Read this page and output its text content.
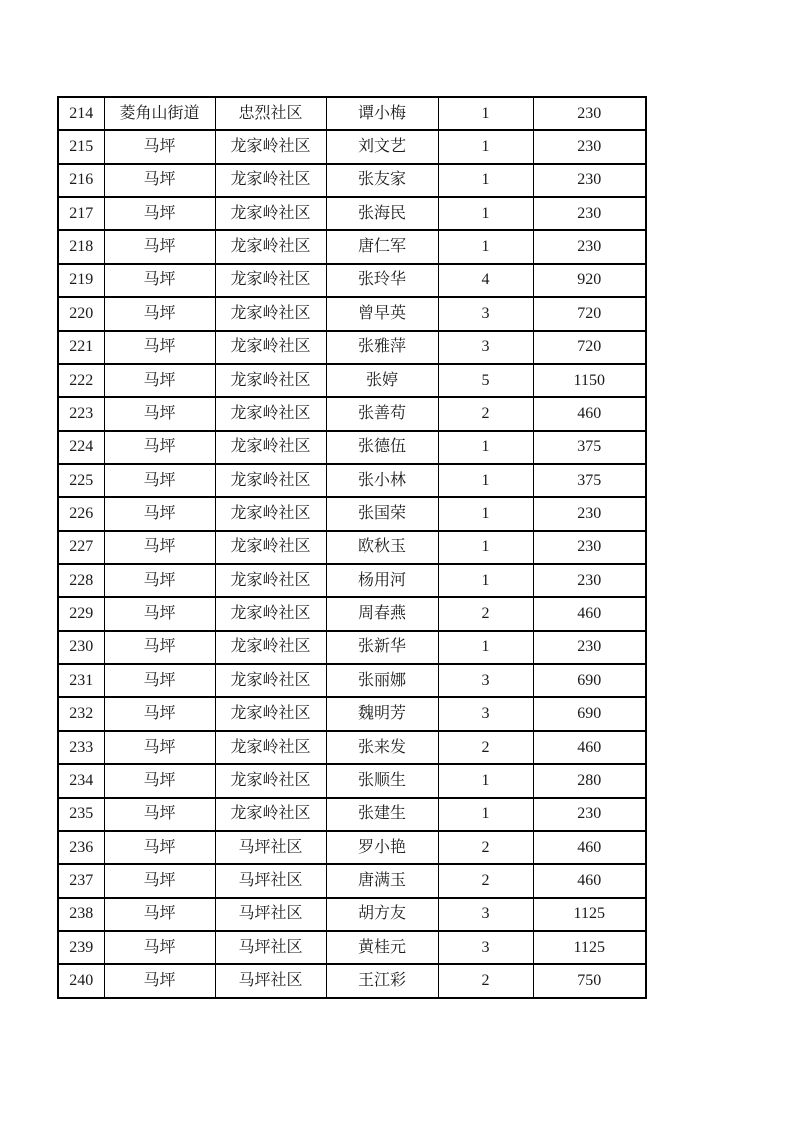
214	菱角山街道	忠烈社区	谭小梅	1	230
215	马坪	龙家岭社区	刘文艺	1	230
216	马坪	龙家岭社区	张友家	1	230
217	马坪	龙家岭社区	张海民	1	230
218	马坪	龙家岭社区	唐仁军	1	230
219	马坪	龙家岭社区	张玲华	4	920
220	马坪	龙家岭社区	曾早英	3	720
221	马坪	龙家岭社区	张雅萍	3	720
222	马坪	龙家岭社区	张婷	5	1150
223	马坪	龙家岭社区	张善苟	2	460
224	马坪	龙家岭社区	张德伍	1	375
225	马坪	龙家岭社区	张小林	1	375
226	马坪	龙家岭社区	张国荣	1	230
227	马坪	龙家岭社区	欧秋玉	1	230
228	马坪	龙家岭社区	杨用河	1	230
229	马坪	龙家岭社区	周春燕	2	460
230	马坪	龙家岭社区	张新华	1	230
231	马坪	龙家岭社区	张丽娜	3	690
232	马坪	龙家岭社区	魏明芳	3	690
233	马坪	龙家岭社区	张来发	2	460
234	马坪	龙家岭社区	张顺生	1	280
235	马坪	龙家岭社区	张建生	1	230
236	马坪	马坪社区	罗小艳	2	460
237	马坪	马坪社区	唐满玉	2	460
238	马坪	马坪社区	胡方友	3	1125
239	马坪	马坪社区	黄桂元	3	1125
240	马坪	马坪社区	王江彩	2	750
